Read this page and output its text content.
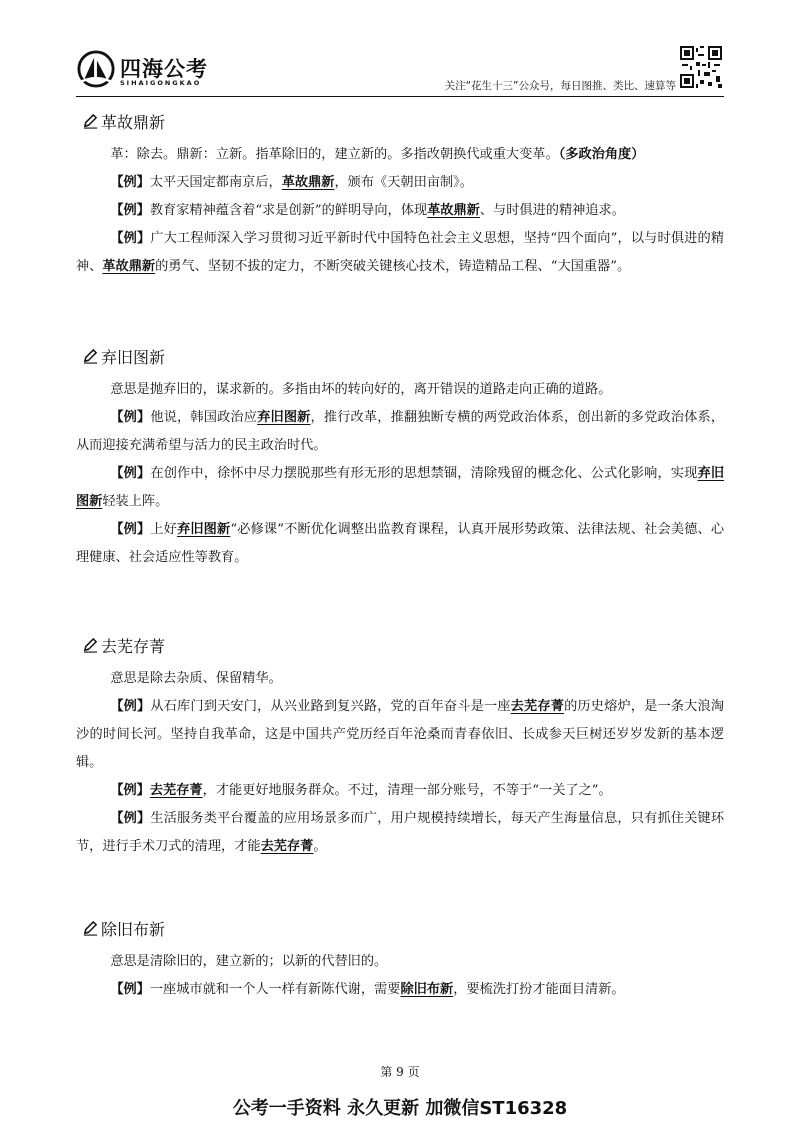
四海公考
SIHAIGONGKAO	关注“花生十三”公众号，每日图推、类比、速算等
革故鼎新

革：除去。鼎新：立新。指革除旧的，建立新的。多指改朝换代或重大变革。（多政治角度）

【例】太平天国定都南京后，革故鼎新，颁布《天朝田亩制》。

【例】教育家精神蕴含着“求是创新”的鲜明导向，体现革故鼎新、与时俱进的精神追求。

【例】广大工程师深入学习贯彻习近平新时代中国特色社会主义思想，坚持“四个面向”，以与时俱进的精神、革故鼎新的勇气、坚韧不拔的定力，不断突破关键核心技术，铸造精品工程、“大国重器”。

弃旧图新

意思是抛弃旧的，谋求新的。多指由坏的转向好的，离开错误的道路走向正确的道路。

【例】他说，韩国政治应弃旧图新，推行改革，推翻独断专横的两党政治体系，创出新的多党政治体系，从而迎接充满希望与活力的民主政治时代。

【例】在创作中，徐怀中尽力摆脱那些有形无形的思想禁锢，清除残留的概念化、公式化影响，实现弃旧图新轻装上阵。

【例】上好弃旧图新“必修课”不断优化调整出监教育课程，认真开展形势政策、法律法规、社会美德、心理健康、社会适应性等教育。

去芜存菁

意思是除去杂质、保留精华。

【例】从石库门到天安门，从兴业路到复兴路，党的百年奋斗是一座去芜存菁的历史熔炉，是一条大浪淘沙的时间长河。坚持自我革命，这是中国共产党历经百年沧桑而青春依旧、长成参天巨树还岁岁发新的基本逻辑。

【例】去芜存菁，才能更好地服务群众。不过，清理一部分账号，不等于“一关了之”。

【例】生活服务类平台覆盖的应用场景多而广，用户规模持续增长，每天产生海量信息，只有抓住关键环节，进行手术刀式的清理，才能去芜存菁。

除旧布新

意思是清除旧的，建立新的；以新的代替旧的。

【例】一座城市就和一个人一样有新陈代谢，需要除旧布新，要梳洗打扮才能面目清新。

第 9 页
公考一手资料 永久更新 加微信ST16328
